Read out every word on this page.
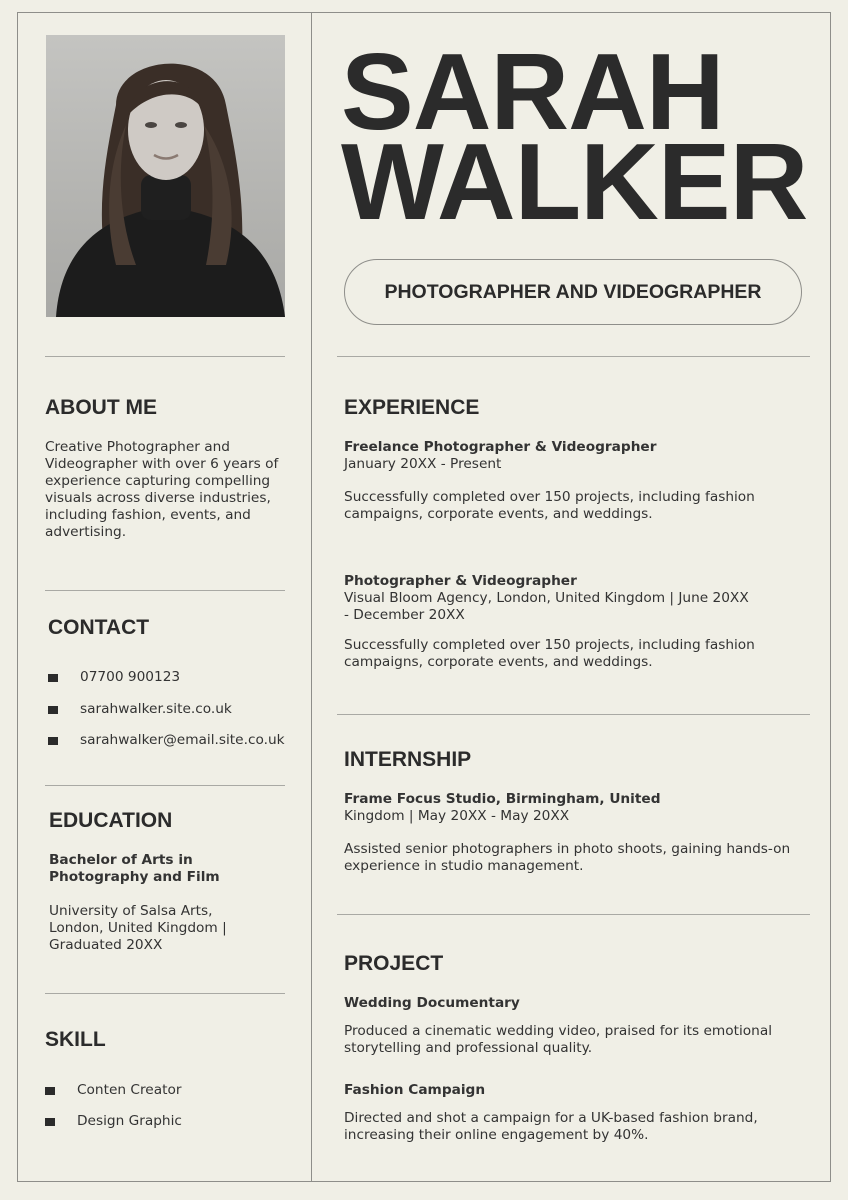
SARAH
WALKER
PHOTOGRAPHER AND VIDEOGRAPHER
ABOUT ME
Creative Photographer and
Videographer with over 6 years of
experience capturing compelling
visuals across diverse industries,
including fashion, events, and
advertising.
CONTACT
07700 900123
sarahwalker.site.co.uk
sarahwalker@email.site.co.uk
EDUCATION
Bachelor of Arts in
Photography and Film
University of Salsa Arts,
London, United Kingdom |
Graduated 20XX
SKILL
Conten Creator
Design Graphic
EXPERIENCE
Freelance Photographer & Videographer
January 20XX - Present
Successfully completed over 150 projects, including fashion
campaigns, corporate events, and weddings.
Photographer & Videographer
Visual Bloom Agency, London, United Kingdom | June 20XX
- December 20XX
Successfully completed over 150 projects, including fashion
campaigns, corporate events, and weddings.
INTERNSHIP
Frame Focus Studio, Birmingham, United
Kingdom | May 20XX - May 20XX
Assisted senior photographers in photo shoots, gaining hands-on
experience in studio management.
PROJECT
Wedding Documentary
Produced a cinematic wedding video, praised for its emotional
storytelling and professional quality.
Fashion Campaign
Directed and shot a campaign for a UK-based fashion brand,
increasing their online engagement by 40%.
